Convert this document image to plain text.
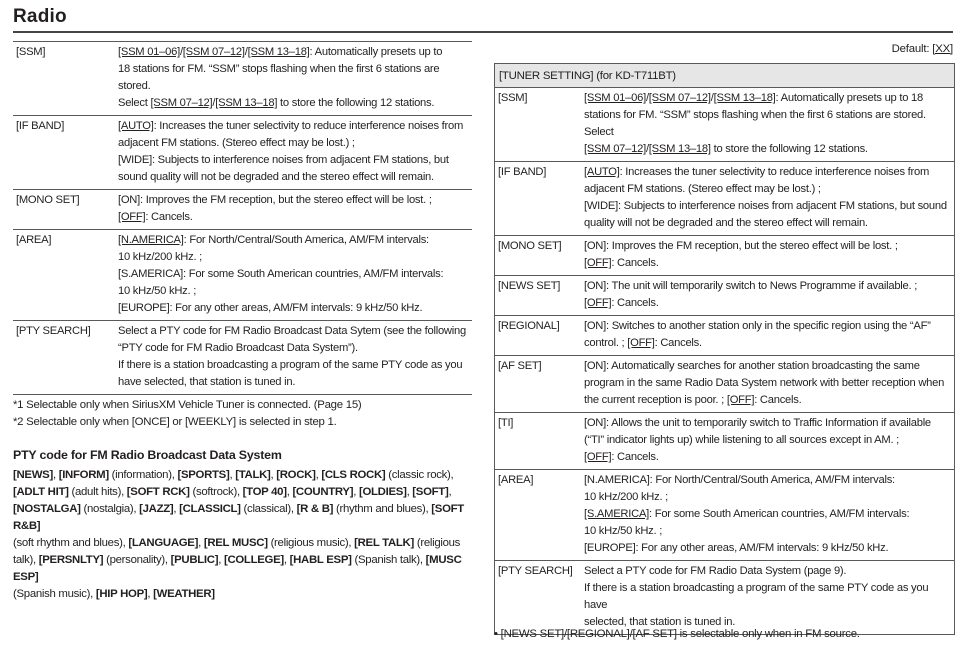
Radio
[SSM]	[SSM 01–06]/[SSM 07–12]/[SSM 13–18]: Automatically presets up to
18 stations for FM. “SSM” stops flashing when the first 6 stations are stored.
Select [SSM 07–12]/[SSM 13–18] to store the following 12 stations.

[IF BAND]	[AUTO]: Increases the tuner selectivity to reduce interference noises from
adjacent FM stations. (Stereo effect may be lost.) ;
[WIDE]: Subjects to interference noises from adjacent FM stations, but
sound quality will not be degraded and the stereo effect will remain.

[MONO SET]	[ON]: Improves the FM reception, but the stereo effect will be lost. ;
[OFF]: Cancels.

[AREA]	[N.AMERICA]: For North/Central/South America, AM/FM intervals:
10 kHz/200 kHz. ;
[S.AMERICA]: For some South American countries, AM/FM intervals:
10 kHz/50 kHz. ;
[EUROPE]: For any other areas, AM/FM intervals: 9 kHz/50 kHz.

[PTY SEARCH]	Select a PTY code for FM Radio Broadcast Data Sytem (see the following
“PTY code for FM Radio Broadcast Data System”).
If there is a station broadcasting a program of the same PTY code as you
have selected, that station is tuned in.
*1 Selectable only when SiriusXM Vehicle Tuner is connected. (Page 15)
*2 Selectable only when [ONCE] or [WEEKLY] is selected in step 1.
PTY code for FM Radio Broadcast Data System
[NEWS], [INFORM] (information), [SPORTS], [TALK], [ROCK], [CLS ROCK] (classic rock),
[ADLT HIT] (adult hits), [SOFT RCK] (softrock), [TOP 40], [COUNTRY], [OLDIES], [SOFT],
[NOSTALGA] (nostalgia), [JAZZ], [CLASSICL] (classical), [R & B] (rhythm and blues), [SOFT R&B]
(soft rhythm and blues), [LANGUAGE], [REL MUSC] (religious music), [REL TALK] (religious
talk), [PERSNLTY] (personality), [PUBLIC], [COLLEGE], [HABL ESP] (Spanish talk), [MUSC ESP]
(Spanish music), [HIP HOP], [WEATHER]
Default: [XX]
[TUNER SETTING] (for KD-T711BT)
[SSM]	[SSM 01–06]/[SSM 07–12]/[SSM 13–18]: Automatically presets up to 18
stations for FM. “SSM” stops flashing when the first 6 stations are stored. Select
[SSM 07–12]/[SSM 13–18] to store the following 12 stations.

[IF BAND]	[AUTO]: Increases the tuner selectivity to reduce interference noises from
adjacent FM stations. (Stereo effect may be lost.) ;
[WIDE]: Subjects to interference noises from adjacent FM stations, but sound
quality will not be degraded and the stereo effect will remain.

[MONO SET]	[ON]: Improves the FM reception, but the stereo effect will be lost. ;
[OFF]: Cancels.

[NEWS SET]	[ON]: The unit will temporarily switch to News Programme if available. ;
[OFF]: Cancels.

[REGIONAL]	[ON]: Switches to another station only in the specific region using the “AF”
control. ; [OFF]: Cancels.

[AF SET]	[ON]: Automatically searches for another station broadcasting the same
program in the same Radio Data System network with better reception when
the current reception is poor. ; [OFF]: Cancels.

[TI]	[ON]: Allows the unit to temporarily switch to Traffic Information if available
(“TI” indicator lights up) while listening to all sources except in AM. ;
[OFF]: Cancels.

[AREA]	[N.AMERICA]: For North/Central/South America, AM/FM intervals:
10 kHz/200 kHz. ;
[S.AMERICA]: For some South American countries, AM/FM intervals:
10 kHz/50 kHz. ;
[EUROPE]: For any other areas, AM/FM intervals: 9 kHz/50 kHz.

[PTY SEARCH]	Select a PTY code for FM Radio Data System (page 9).
If there is a station broadcasting a program of the same PTY code as you have
selected, that station is tuned in.
• [NEWS SET]/[REGIONAL]/[AF SET] is selectable only when in FM source.
